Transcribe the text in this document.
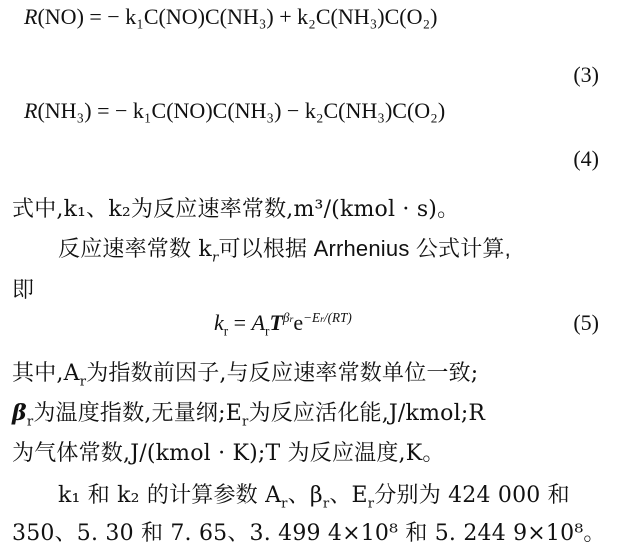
R(NO) = − k₁C(NO)C(NH₃) + k₂C(NH₃)C(O₂)
(3)
R(NH₃) = − k₁C(NO)C(NH₃) − k₂C(NH₃)C(O₂)
(4)
式中,k₁、k₂为反应速率常数,m³/(kmol · s)。
反应速率常数 $k_r$可以根据 Arrhenius 公式计算,
即
$k_r = A_rT^{\beta r}e^{-Er/(RT)}$	(5)
其中$,A_r$为指数前因子,与反应速率常数单位一致;
$\beta_r$为温度指数,无量纲$;E_r$为反应活化能,J/kmol;R
为气体常数,J/(kmol · K);T 为反应温度,K。
k₁ 和 k₂ 的计算参数 $A_r$、$\beta_r$、$E_r$分别为 424 000 和
350、5. 30 和 7. 65、3. 499 4×10⁸ 和 5. 244 9×10⁸。
